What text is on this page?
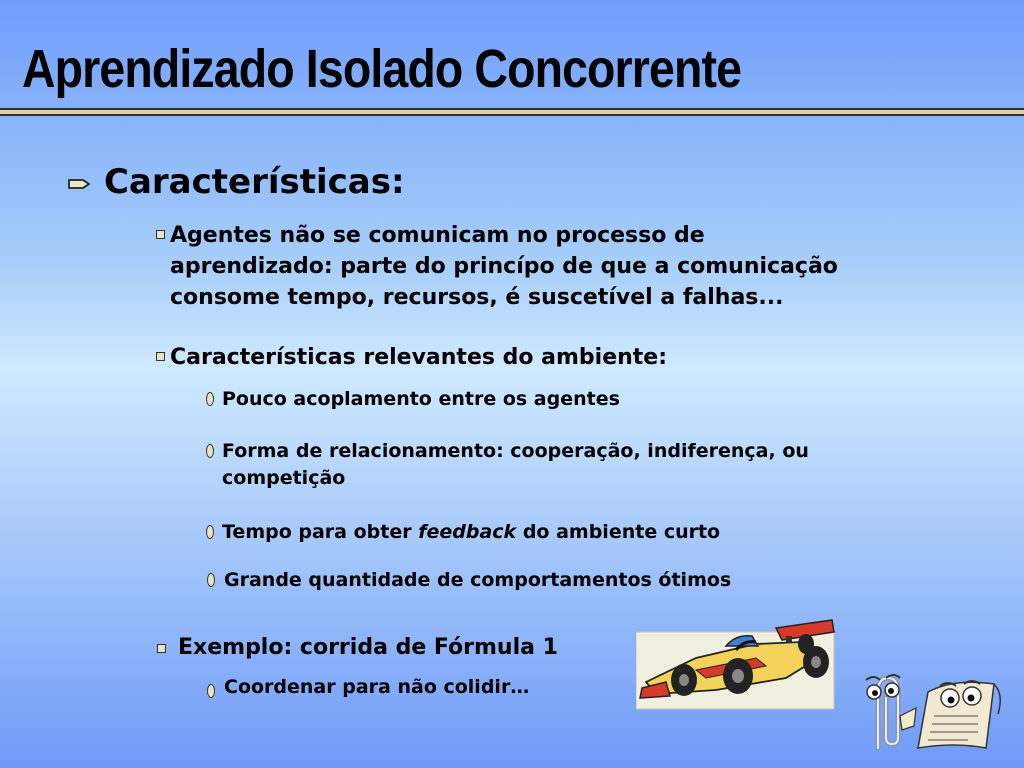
Aprendizado Isolado Concorrente
Características:
Agentes não se comunicam no processo de
aprendizado: parte do princípo de que a comunicação
consome tempo, recursos, é suscetível a falhas...
Características relevantes do ambiente:
Pouco acoplamento entre os agentes
Forma de relacionamento: cooperação, indiferença, ou
competição
Tempo para obter feedback do ambiente curto
Grande quantidade de comportamentos ótimos
Exemplo: corrida de Fórmula 1
Coordenar para não colidir…
